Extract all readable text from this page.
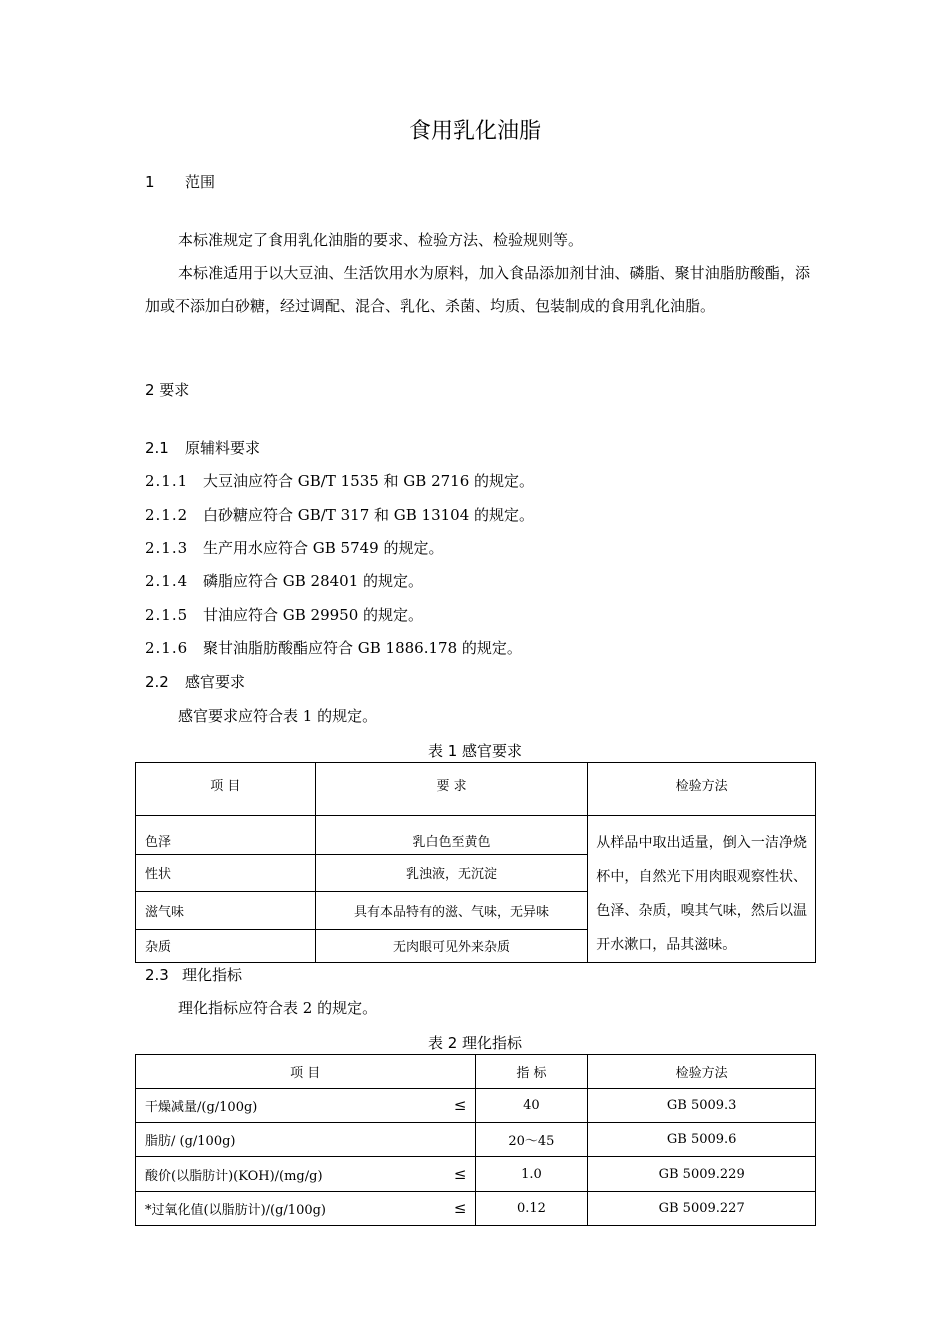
食用乳化油脂
1 范围
本标准规定了食用乳化油脂的要求、检验方法、检验规则等。
本标准适用于以大豆油、生活饮用水为原料，加入食品添加剂甘油、磷脂、聚甘油脂肪酸酯，添加或不添加白砂糖，经过调配、混合、乳化、杀菌、均质、包装制成的食用乳化油脂。
2 要求
2.1 原辅料要求
2.1.1 大豆油应符合 GB/T 1535 和 GB 2716 的规定。
2.1.2 白砂糖应符合 GB/T 317 和 GB 13104 的规定。
2.1.3 生产用水应符合 GB 5749 的规定。
2.1.4 磷脂应符合 GB 28401 的规定。
2.1.5 甘油应符合 GB 29950 的规定。
2.1.6 聚甘油脂肪酸酯应符合 GB 1886.178 的规定。
2.2 感官要求
感官要求应符合表 1 的规定。
表 1 感官要求
项 目	要 求	检验方法
色泽	乳白色至黄色	从样品中取出适量，倒入一洁净烧杯中，自然光下用肉眼观察性状、色泽、杂质，嗅其气味，然后以温开水漱口，品其滋味。
性状	乳浊液，无沉淀	
滋气味	具有本品特有的滋、气味，无异味	
杂质	无肉眼可见外来杂质	
2.3 理化指标
理化指标应符合表 2 的规定。
表 2 理化指标
项 目	指 标	检验方法
干燥减量/(g/100g) ≤	40	GB 5009.3
脂肪/ (g/100g)	20～45	GB 5009.6
酸价(以脂肪计)(KOH)/(mg/g) ≤	1.0	GB 5009.229
*过氧化值(以脂肪计)/(g/100g) ≤	0.12	GB 5009.227
